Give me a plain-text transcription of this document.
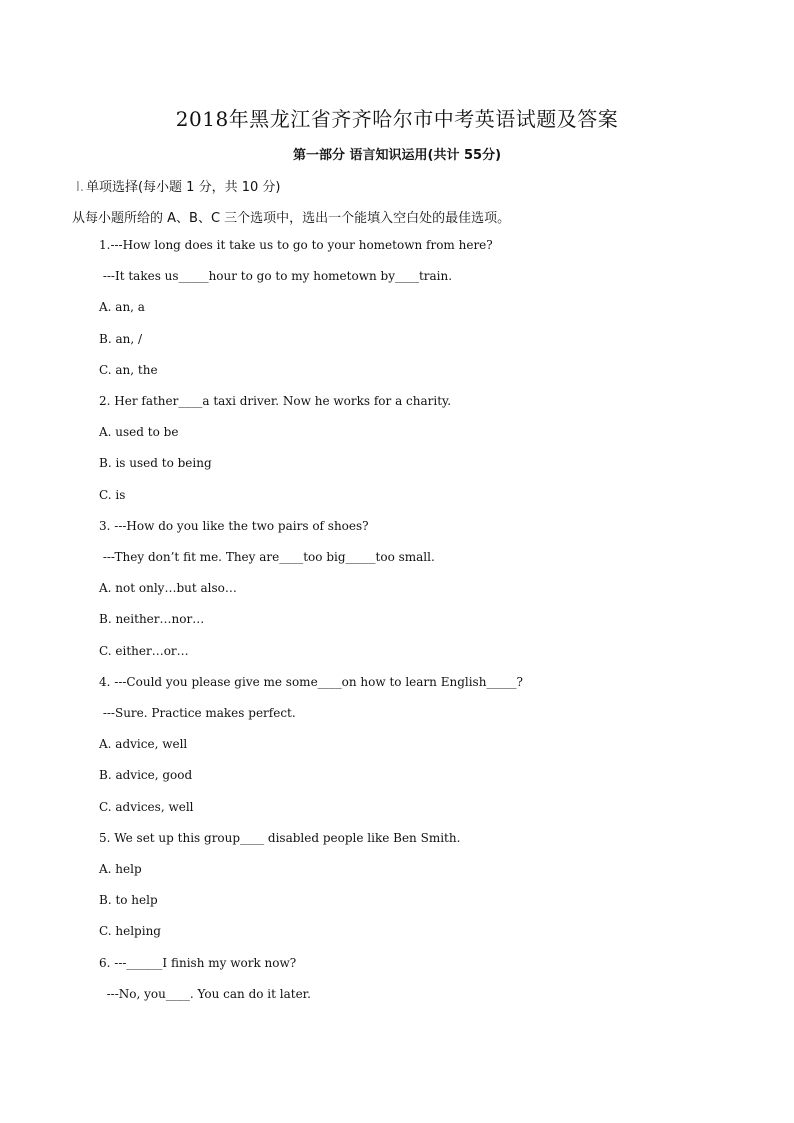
2018年黑龙江省齐齐哈尔市中考英语试题及答案
第一部分 语言知识运用(共计 55分)
Ⅰ. 单项选择(每小题 1 分，共 10 分)
从每小题所给的 A、B、C 三个选项中，选出一个能填入空白处的最佳选项。
1.---How long does it take us to go to your hometown from here?
---It takes us_____hour to go to my hometown by____train.
A. an, a
B. an, /
C. an, the
2. Her father____a taxi driver. Now he works for a charity.
A. used to be
B. is used to being
C. is
3. ---How do you like the two pairs of shoes?
---They don’t fit me. They are____too big_____too small.
A. not only…but also…
B. neither…nor…
C. either…or…
4. ---Could you please give me some____on how to learn English_____?
---Sure. Practice makes perfect.
A. advice, well
B. advice, good
C. advices, well
5. We set up this group____ disabled people like Ben Smith.
A. help
B. to help
C. helping
6. ---______I finish my work now?
---No, you____. You can do it later.
